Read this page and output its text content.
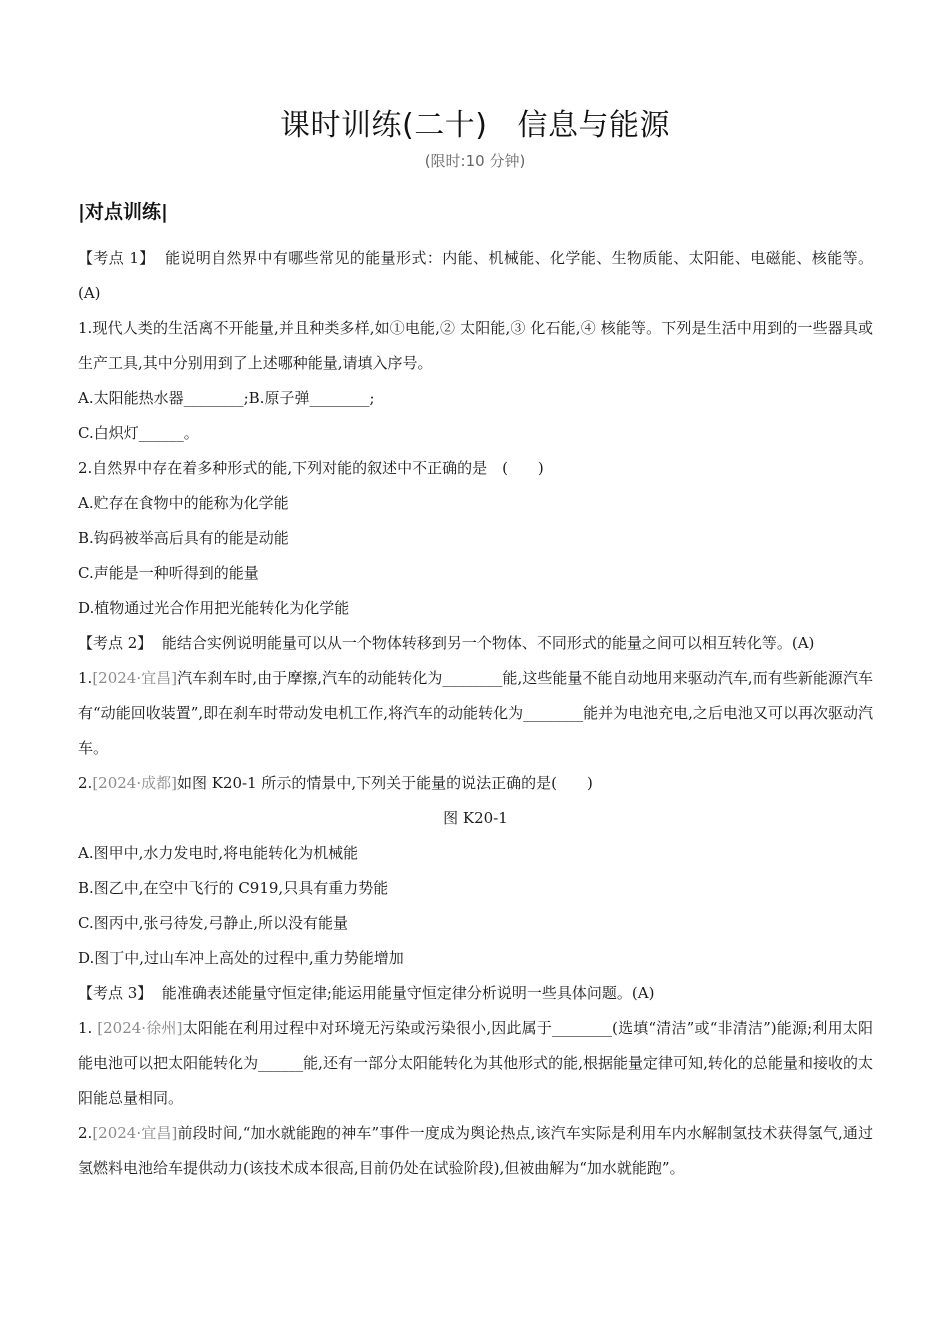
课时训练(二十) 信息与能源
(限时:10 分钟)
|对点训练|

【考点 1】 能说明自然界中有哪些常见的能量形式：内能、机械能、化学能、生物质能、太阳能、电磁能、核能等。(A)

1.现代人类的生活离不开能量,并且种类多样,如①电能,② 太阳能,③ 化石能,④ 核能等。下列是生活中用到的一些器具或生产工具,其中分别用到了上述哪种能量,请填入序号。

A.太阳能热水器________;B.原子弹________;

C.白炽灯______。

2.自然界中存在着多种形式的能,下列对能的叙述中不正确的是　(　　)

A.贮存在食物中的能称为化学能

B.钩码被举高后具有的能是动能

C.声能是一种听得到的能量

D.植物通过光合作用把光能转化为化学能

【考点 2】 能结合实例说明能量可以从一个物体转移到另一个物体、不同形式的能量之间可以相互转化等。(A)

1.[2024·宜昌]汽车刹车时,由于摩擦,汽车的动能转化为________能,这些能量不能自动地用来驱动汽车,而有些新能源汽车有“动能回收装置”,即在刹车时带动发电机工作,将汽车的动能转化为________能并为电池充电,之后电池又可以再次驱动汽车。

2.[2024·成都]如图 K20-1 所示的情景中,下列关于能量的说法正确的是(　　)

图 K20-1

A.图甲中,水力发电时,将电能转化为机械能

B.图乙中,在空中飞行的 C919,只具有重力势能

C.图丙中,张弓待发,弓静止,所以没有能量

D.图丁中,过山车冲上高处的过程中,重力势能增加

【考点 3】 能准确表述能量守恒定律;能运用能量守恒定律分析说明一些具体问题。(A)

1. [2024·徐州]太阳能在利用过程中对环境无污染或污染很小,因此属于________(选填“清洁”或“非清洁”)能源;利用太阳能电池可以把太阳能转化为______能,还有一部分太阳能转化为其他形式的能,根据能量定律可知,转化的总能量和接收的太阳能总量相同。

2.[2024·宜昌]前段时间,“加水就能跑的神车”事件一度成为舆论热点,该汽车实际是利用车内水解制氢技术获得氢气,通过氢燃料电池给车提供动力(该技术成本很高,目前仍处在试验阶段),但被曲解为“加水就能跑”。
